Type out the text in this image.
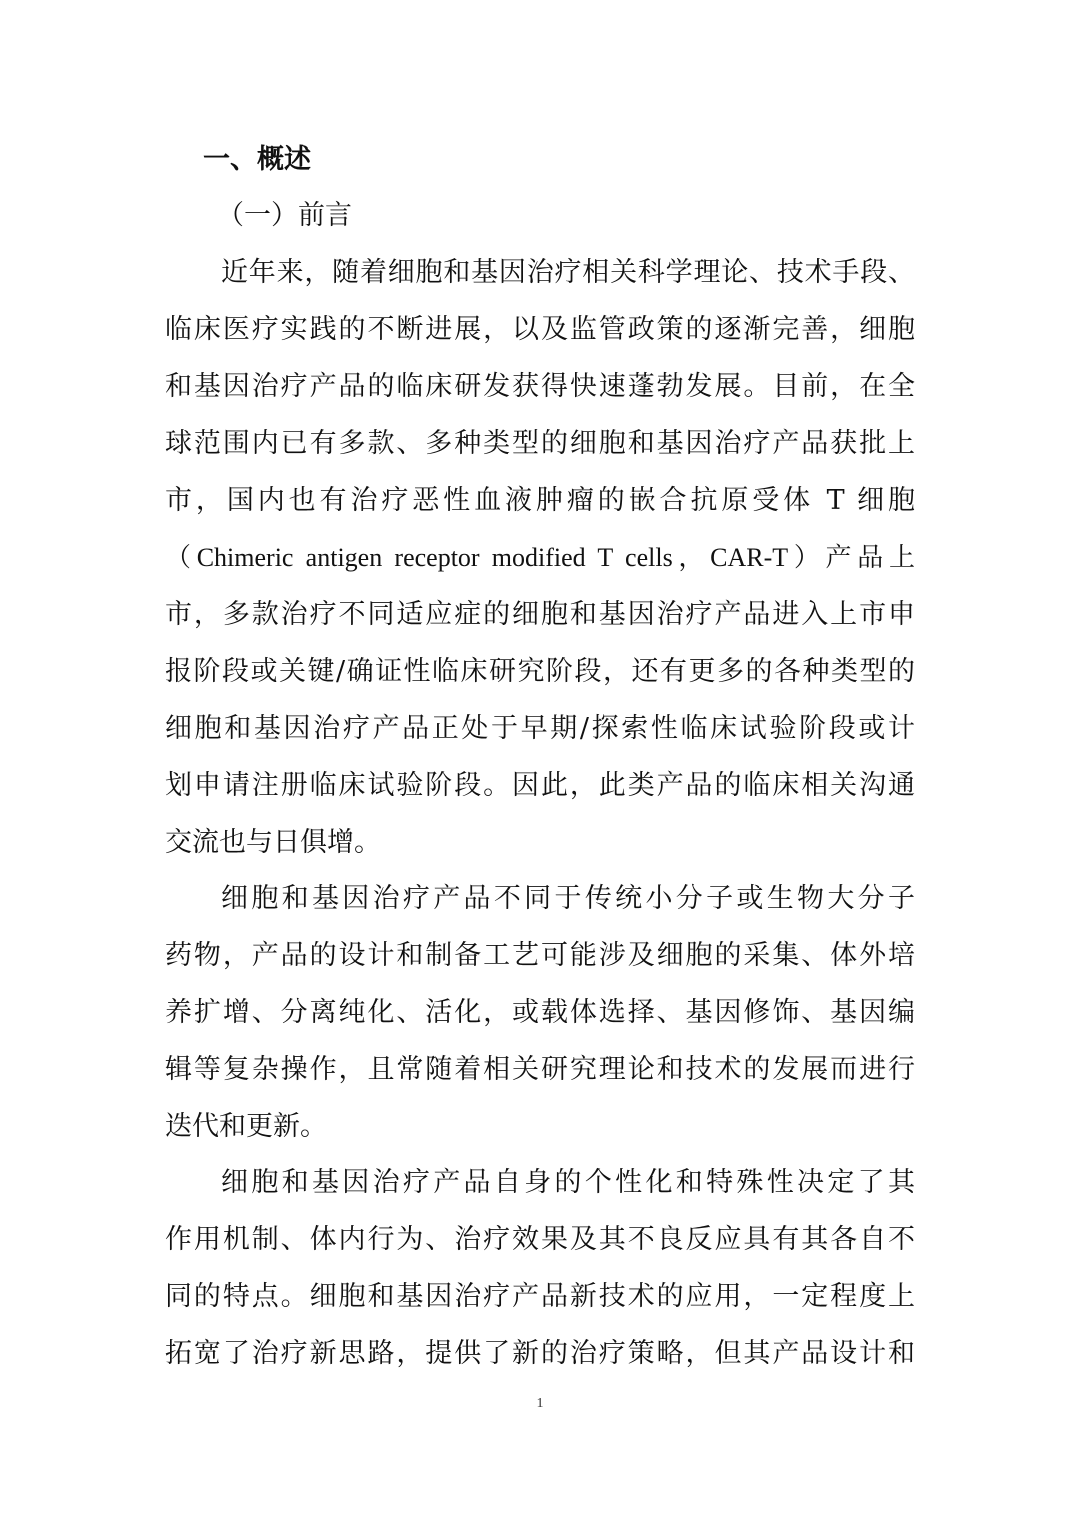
一、概述
（一）前言
近年来，随着细胞和基因治疗相关科学理论、技术手段、
临床医疗实践的不断进展，以及监管政策的逐渐完善，细胞
和基因治疗产品的临床研发获得快速蓬勃发展。目前，在全
球范围内已有多款、多种类型的细胞和基因治疗产品获批上
市，国内也有治疗恶性血液肿瘤的嵌合抗原受体 T 细胞
（Chimeric antigen receptor modified T cells，CAR-T）产品上
市，多款治疗不同适应症的细胞和基因治疗产品进入上市申
报阶段或关键/确证性临床研究阶段，还有更多的各种类型的
细胞和基因治疗产品正处于早期/探索性临床试验阶段或计
划申请注册临床试验阶段。因此，此类产品的临床相关沟通
交流也与日俱增。
细胞和基因治疗产品不同于传统小分子或生物大分子
药物，产品的设计和制备工艺可能涉及细胞的采集、体外培
养扩增、分离纯化、活化，或载体选择、基因修饰、基因编
辑等复杂操作，且常随着相关研究理论和技术的发展而进行
迭代和更新。
细胞和基因治疗产品自身的个性化和特殊性决定了其
作用机制、体内行为、治疗效果及其不良反应具有其各自不
同的特点。细胞和基因治疗产品新技术的应用，一定程度上
拓宽了治疗新思路，提供了新的治疗策略，但其产品设计和
1
